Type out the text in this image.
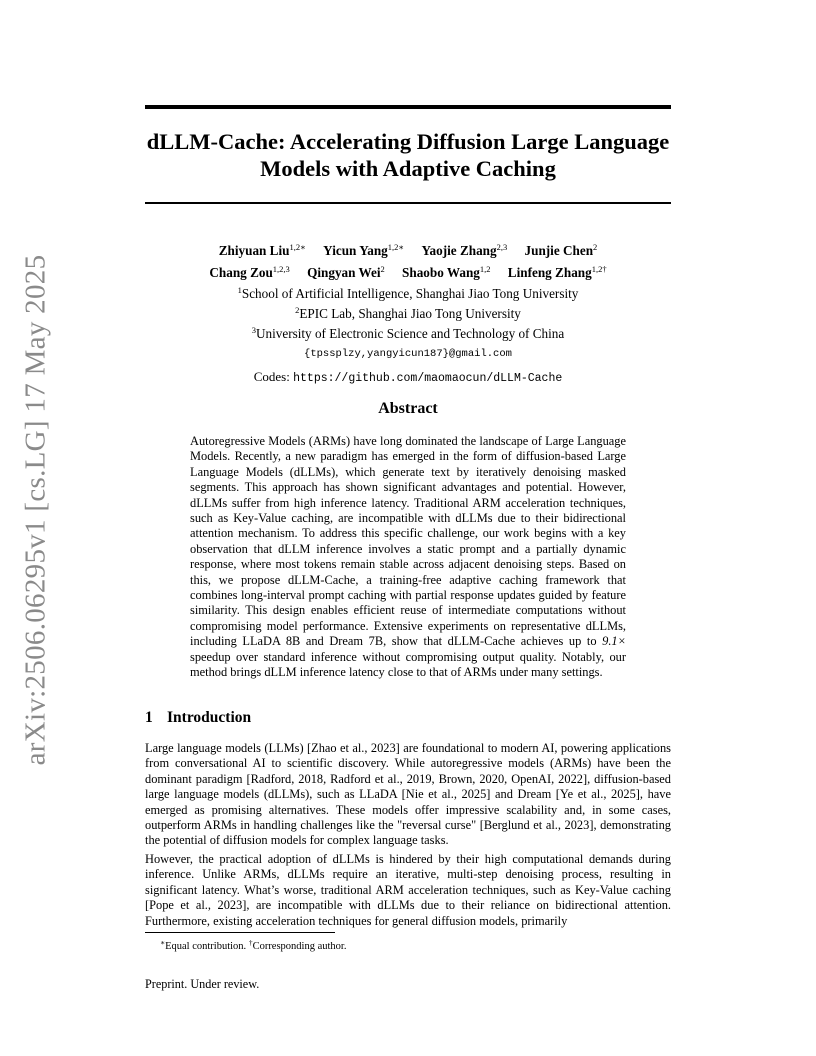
arXiv:2506.06295v1 [cs.LG] 17 May 2025
dLLM-Cache: Accelerating Diffusion Large Language
Models with Adaptive Caching
Zhiyuan Liu$^{1,2∗}$ Yicun Yang$^{1,2∗}$ Yaojie Zhang$^{2,3}$ Junjie Chen$^2$
Chang Zou$^{1,2,3}$ Qingyan Wei$^2$ Shaobo Wang$^{1,2}$ Linfeng Zhang$^{1,2\dagger}$
$^1$School of Artificial Intelligence, Shanghai Jiao Tong University
$^2$EPIC Lab, Shanghai Jiao Tong University
$^3$University of Electronic Science and Technology of China
{tpssplzy,yangyicun187}@gmail.com
Codes: https://github.com/maomaocun/dLLM-Cache
Abstract
Autoregressive Models (ARMs) have long dominated the landscape of Large Language Models. Recently, a new paradigm has emerged in the form of diffusion-based Large Language Models (dLLMs), which generate text by iteratively denoising masked segments. This approach has shown significant advantages and potential. However, dLLMs suffer from high inference latency. Traditional ARM acceleration techniques, such as Key-Value caching, are incompatible with dLLMs due to their bidirectional attention mechanism. To address this specific challenge, our work begins with a key observation that dLLM inference involves a static prompt and a partially dynamic response, where most tokens remain stable across adjacent denoising steps. Based on this, we propose dLLM-Cache, a training-free adaptive caching framework that combines long-interval prompt caching with partial response updates guided by feature similarity. This design enables efficient reuse of intermediate computations without compromising model performance. Extensive experiments on representative dLLMs, including LLaDA 8B and Dream 7B, show that dLLM-Cache achieves up to 9.1× speedup over standard inference without compromising output quality. Notably, our method brings dLLM inference latency close to that of ARMs under many settings.
1 Introduction
Large language models (LLMs) [Zhao et al., 2023] are foundational to modern AI, powering applications from conversational AI to scientific discovery. While autoregressive models (ARMs) have been the dominant paradigm [Radford, 2018, Radford et al., 2019, Brown, 2020, OpenAI, 2022], diffusion-based large language models (dLLMs), such as LLaDA [Nie et al., 2025] and Dream [Ye et al., 2025], have emerged as promising alternatives. These models offer impressive scalability and, in some cases, outperform ARMs in handling challenges like the "reversal curse" [Berglund et al., 2023], demonstrating the potential of diffusion models for complex language tasks.
However, the practical adoption of dLLMs is hindered by their high computational demands during inference. Unlike ARMs, dLLMs require an iterative, multi-step denoising process, resulting in significant latency. What’s worse, traditional ARM acceleration techniques, such as Key-Value caching [Pope et al., 2023], are incompatible with dLLMs due to their reliance on bidirectional attention. Furthermore, existing acceleration techniques for general diffusion models, primarily
∗Equal contribution. †Corresponding author.
Preprint. Under review.
